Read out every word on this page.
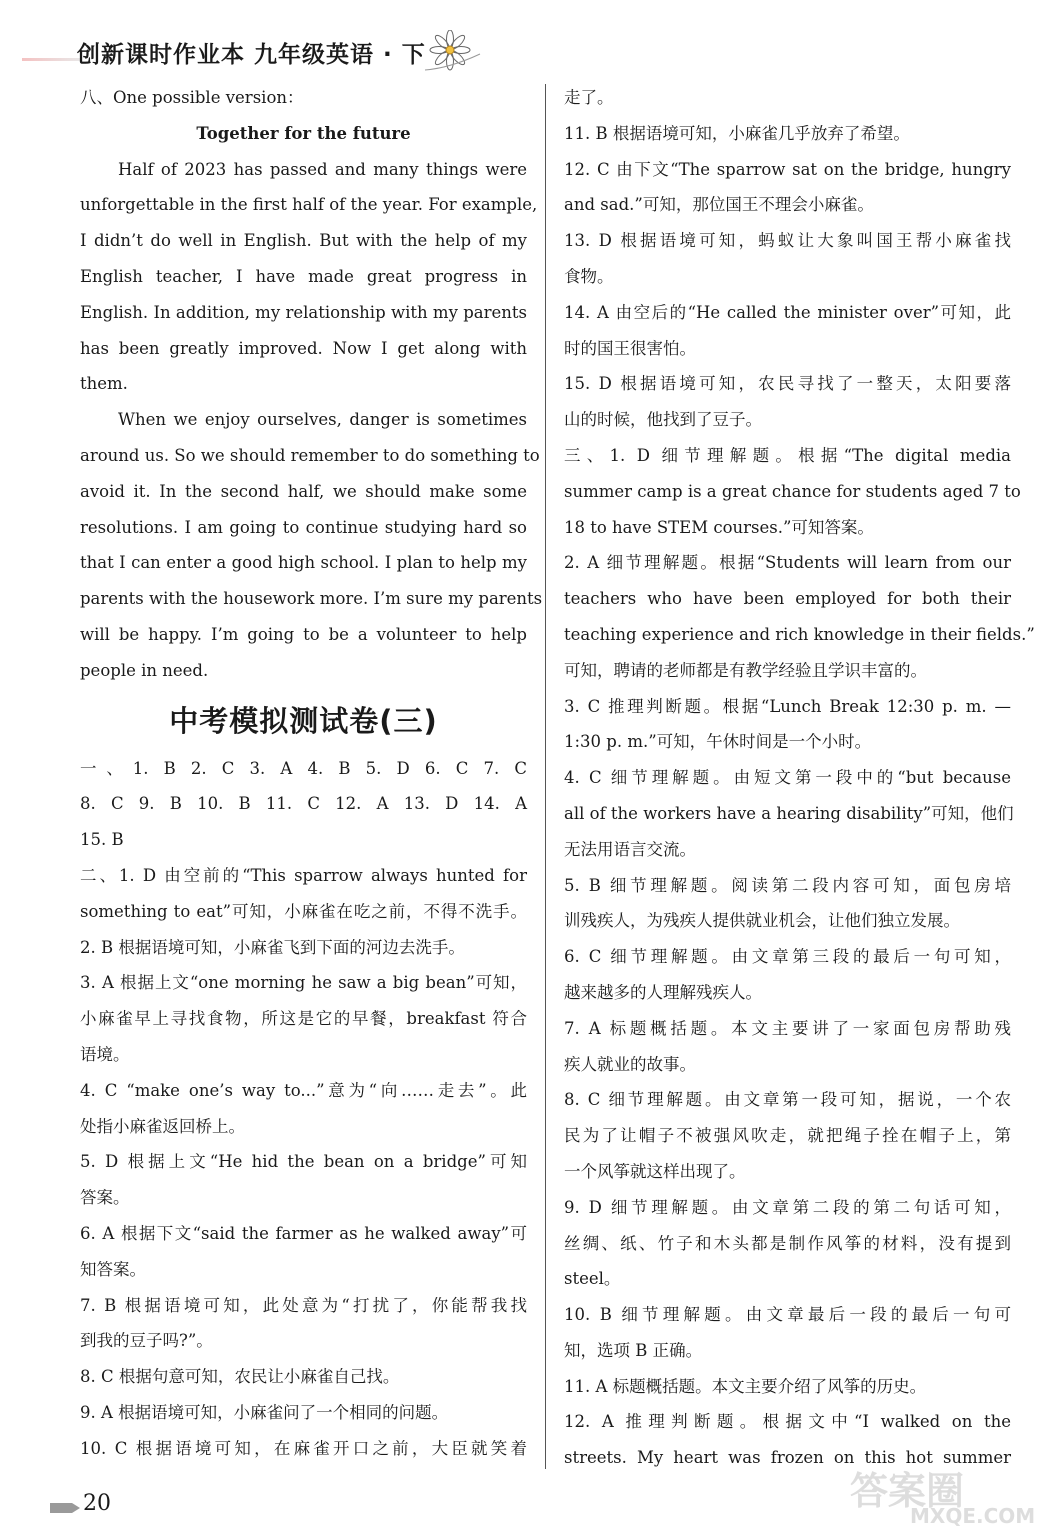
创新课时作业本 九年级英语 · 下
八、One possible version：
Together for the future
Half of 2023 has passed and many things were
unforgettable in the first half of the year. For example,
I didn’t do well in English. But with the help of my
English teacher, I have made great progress in
English. In addition, my relationship with my parents
has been greatly improved. Now I get along with
them.
When we enjoy ourselves, danger is sometimes
around us. So we should remember to do something to
avoid it. In the second half, we should make some
resolutions. I am going to continue studying hard so
that I can enter a good high school. I plan to help my
parents with the housework more. I’m sure my parents
will be happy. I’m going to be a volunteer to help
people in need.
中考模拟测试卷(三)
一、1. B 2. C 3. A 4. B 5. D 6. C 7. C
8. C 9. B 10. B 11. C 12. A 13. D 14. A
15. B
二、1. D 由空前的“This sparrow always hunted for
something to eat”可知，小麻雀在吃之前，不得不洗手。
2. B 根据语境可知，小麻雀飞到下面的河边去洗手。
3. A 根据上文“one morning he saw a big bean”可知，
小麻雀早上寻找食物，所这是它的早餐，breakfast 符合
语境。
4. C “make one’s way to...”意为“向……走去”。此
处指小麻雀返回桥上。
5. D 根据上文“He hid the bean on a bridge”可知
答案。
6. A 根据下文“said the farmer as he walked away”可
知答案。
7. B 根据语境可知，此处意为“打扰了，你能帮我找
到我的豆子吗?”。
8. C 根据句意可知，农民让小麻雀自己找。
9. A 根据语境可知，小麻雀问了一个相同的问题。
10. C 根据语境可知，在麻雀开口之前，大臣就笑着
走了。
11. B 根据语境可知，小麻雀几乎放弃了希望。
12. C 由下文“The sparrow sat on the bridge, hungry
and sad.”可知，那位国王不理会小麻雀。
13. D 根据语境可知，蚂蚁让大象叫国王帮小麻雀找
食物。
14. A 由空后的“He called the minister over”可知，此
时的国王很害怕。
15. D 根据语境可知，农民寻找了一整天，太阳要落
山的时候，他找到了豆子。
三、1. D 细节理解题。根据“The digital media
summer camp is a great chance for students aged 7 to
18 to have STEM courses.”可知答案。
2. A 细节理解题。根据“Students will learn from our
teachers who have been employed for both their
teaching experience and rich knowledge in their fields.”
可知，聘请的老师都是有教学经验且学识丰富的。
3. C 推理判断题。根据“Lunch Break 12:30 p. m. —
1:30 p. m.”可知，午休时间是一个小时。
4. C 细节理解题。由短文第一段中的“but because
all of the workers have a hearing disability”可知，他们
无法用语言交流。
5. B 细节理解题。阅读第二段内容可知，面包房培
训残疾人，为残疾人提供就业机会，让他们独立发展。
6. C 细节理解题。由文章第三段的最后一句可知，
越来越多的人理解残疾人。
7. A 标题概括题。本文主要讲了一家面包房帮助残
疾人就业的故事。
8. C 细节理解题。由文章第一段可知，据说，一个农
民为了让帽子不被强风吹走，就把绳子拴在帽子上，第
一个风筝就这样出现了。
9. D 细节理解题。由文章第二段的第二句话可知，
丝绸、纸、竹子和木头都是制作风筝的材料，没有提到
steel。
10. B 细节理解题。由文章最后一段的最后一句可
知，选项 B 正确。
11. A 标题概括题。本文主要介绍了风筝的历史。
12. A 推理判断题。根据文中“I walked on the
streets. My heart was frozen on this hot summer
20	答案圈
MXQE.COM
